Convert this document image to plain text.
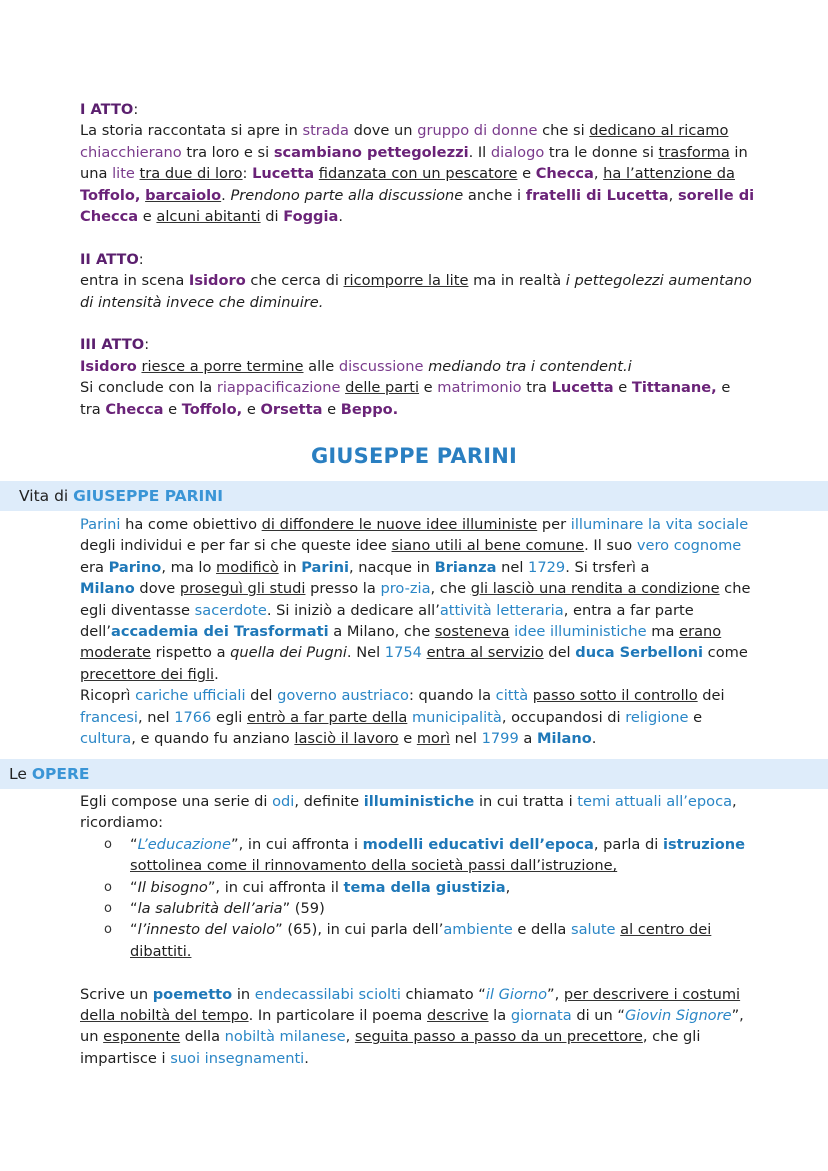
I ATTO:

La storia raccontata si apre in strada dove un gruppo di donne che si dedicano al ricamo
chiacchierano tra loro e si scambiano pettegolezzi. Il dialogo tra le donne si trasforma in una lite tra due di loro: Lucetta fidanzata con un pescatore e Checca, ha l’attenzione da Toffolo, barcaiolo. Prendono parte alla discussione anche i fratelli di Lucetta, sorelle di Checca e alcuni abitanti di Foggia.

II ATTO:

entra in scena Isidoro che cerca di ricomporre la lite ma in realtà i pettegolezzi aumentano di intensità invece che diminuire.

III ATTO:

Isidoro riesce a porre termine alle discussione mediando tra i contendent.i
Si conclude con la riappacificazione delle parti e matrimonio tra Lucetta e Tittanane, e
tra Checca e Toffolo, e Orsetta e Beppo.

GIUSEPPE PARINI
Vita di GIUSEPPE PARINI

Parini ha come obiettivo di diffondere le nuove idee illuministe per illuminare la vita sociale degli individui e per far si che queste idee siano utili al bene comune. Il suo vero cognome era Parino, ma lo modificò in Parini, nacque in Brianza nel 1729. Si trsferì a
Milano dove proseguì gli studi presso la pro-zia, che gli lasciò una rendita a condizione che egli diventasse sacerdote. Si iniziò a dedicare all’attività letteraria, entra a far parte dell’accademia dei Trasformati a Milano, che sosteneva idee illuministiche ma erano moderate rispetto a quella dei Pugni. Nel 1754 entra al servizio del duca Serbelloni come precettore dei figli.
Ricoprì cariche ufficiali del governo austriaco: quando la città passo sotto il controllo dei francesi, nel 1766 egli entrò a far parte della municipalità, occupandosi di religione e cultura, e quando fu anziano lasciò il lavoro e morì nel 1799 a Milano.

Le OPERE

Egli compose una serie di odi, definite illuministiche in cui tratta i temi attuali all’epoca, ricordiamo:

o “L’educazione”, in cui affronta i modelli educativi dell’epoca, parla di istruzione sottolinea come il rinnovamento della società passi dall’istruzione,
o “Il bisogno”, in cui affronta il tema della giustizia,
o “la salubrità dell’aria” (59)
o “l’innesto del vaiolo” (65), in cui parla dell’ambiente e della salute al centro dei dibattiti.

Scrive un poemetto in endecassilabi sciolti chiamato “il Giorno”, per descrivere i costumi della nobiltà del tempo. In particolare il poema descrive la giornata di un “Giovin Signore”, un esponente della nobiltà milanese, seguita passo a passo da un precettore, che gli impartisce i suoi insegnamenti.
